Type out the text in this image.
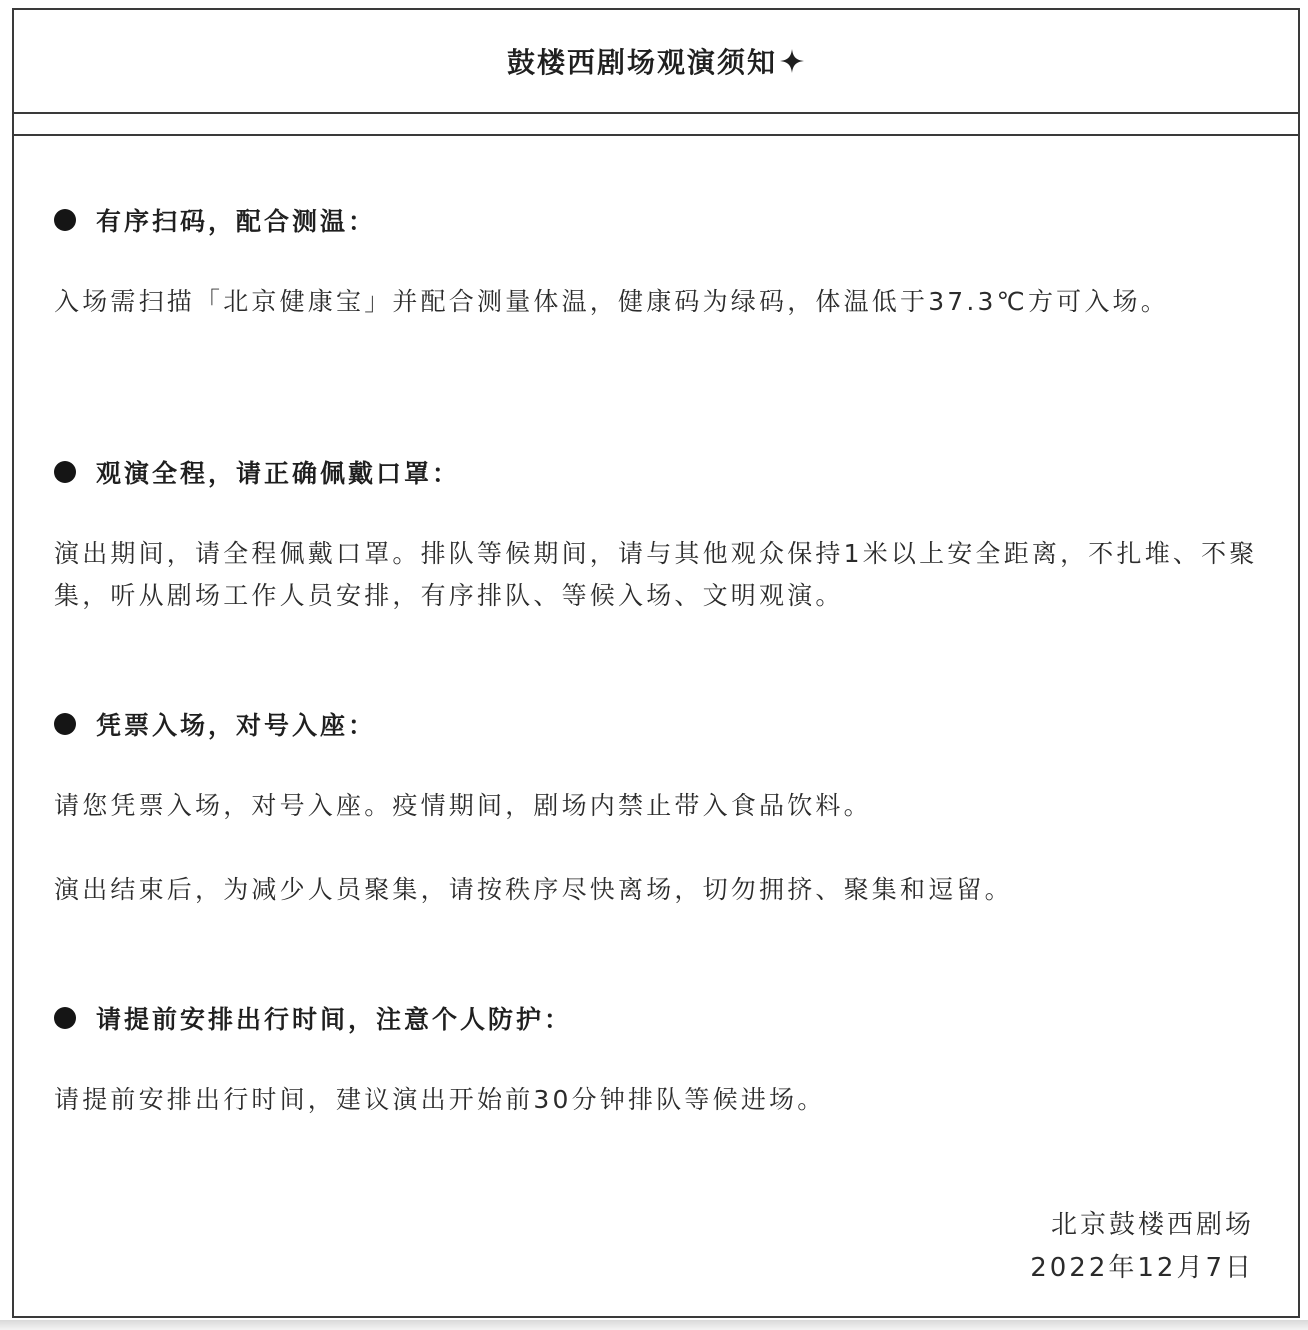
鼓楼西剧场观演须知
有序扫码，配合测温：

入场需扫描「北京健康宝」并配合测量体温，健康码为绿码，体温低于37.3℃方可入场。

观演全程，请正确佩戴口罩：

演出期间，请全程佩戴口罩。排队等候期间，请与其他观众保持1米以上安全距离，不扎堆、不聚集，听从剧场工作人员安排，有序排队、等候入场、文明观演。

凭票入场，对号入座：

请您凭票入场，对号入座。疫情期间，剧场内禁止带入食品饮料。

演出结束后，为减少人员聚集，请按秩序尽快离场，切勿拥挤、聚集和逗留。

请提前安排出行时间，注意个人防护：

请提前安排出行时间，建议演出开始前30分钟排队等候进场。

北京鼓楼西剧场
2022年12月7日
